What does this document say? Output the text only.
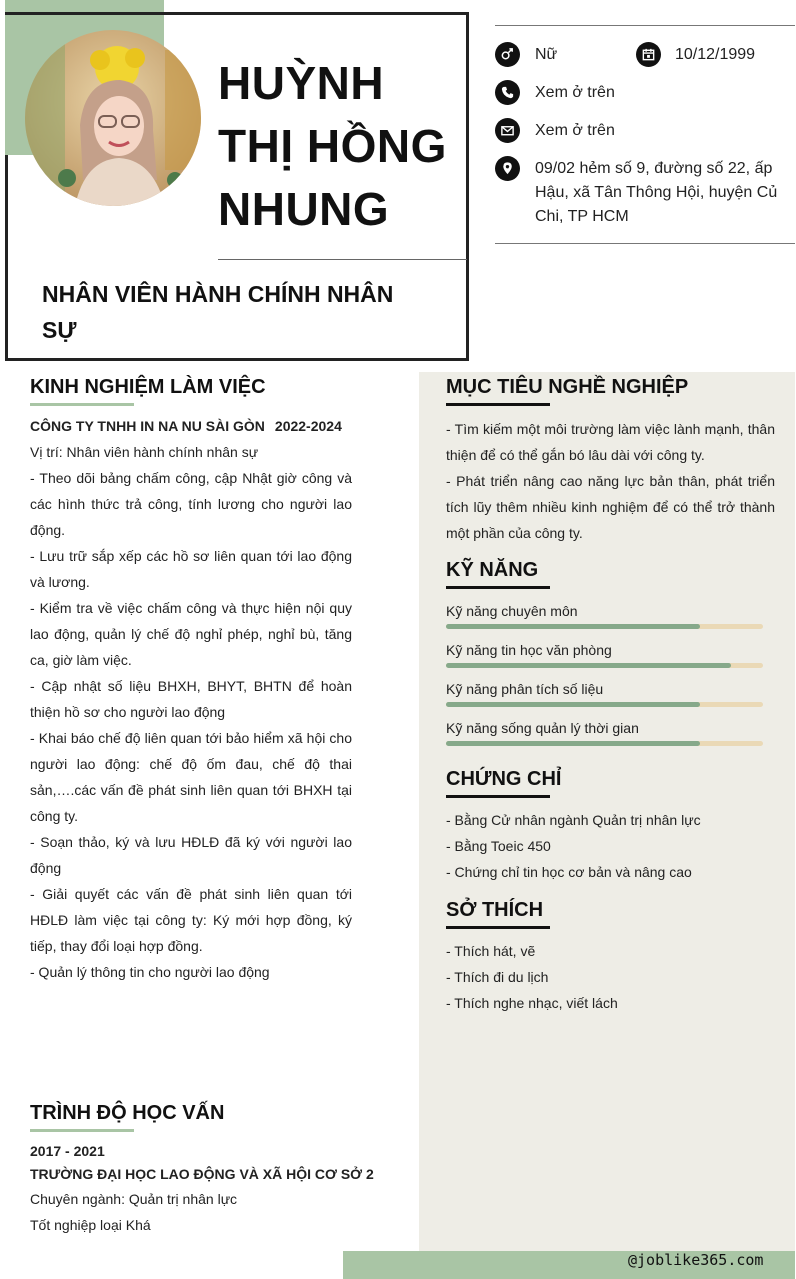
HUỲNH
THỊ HỒNG
NHUNG
NHÂN VIÊN HÀNH CHÍNH NHÂN SỰ
Nữ	10/12/1999
Xem ở trên
Xem ở trên
09/02 hẻm số 9, đường số 22, ấp Hậu, xã Tân Thông Hội, huyện Củ Chi, TP HCM
KINH NGHIỆM LÀM VIỆC
CÔNG TY TNHH IN NA NU SÀI GÒN 2022-2024

Vị trí: Nhân viên hành chính nhân sự

- Theo dõi bảng chấm công, cập Nhật giờ công và các hình thức trả công, tính lương cho người lao động.

- Lưu trữ sắp xếp các hồ sơ liên quan tới lao động và lương.

- Kiểm tra về việc chấm công và thực hiện nội quy lao động, quản lý chế độ nghỉ phép, nghỉ bù, tăng ca, giờ làm việc.

- Cập nhật số liệu BHXH, BHYT, BHTN để hoàn thiện hồ sơ cho người lao động

- Khai báo chế độ liên quan tới bảo hiểm xã hội cho người lao động: chế độ ốm đau, chế độ thai sản,….các vấn đề phát sinh liên quan tới BHXH tại công ty.

- Soạn thảo, ký và lưu HĐLĐ đã ký với người lao động

- Giải quyết các vấn đề phát sinh liên quan tới HĐLĐ làm việc tại công ty: Ký mới hợp đồng, ký tiếp, thay đổi loại hợp đồng.

- Quản lý thông tin cho người lao động

TRÌNH ĐỘ HỌC VẤN
2017 - 2021
TRƯỜNG ĐẠI HỌC LAO ĐỘNG VÀ XÃ HỘI CƠ SỞ 2
Chuyên ngành: Quản trị nhân lực
Tốt nghiệp loại Khá
MỤC TIÊU NGHỀ NGHIỆP

- Tìm kiếm một môi trường làm việc lành mạnh, thân thiện để có thể gắn bó lâu dài với công ty.

- Phát triển nâng cao năng lực bản thân, phát triển tích lũy thêm nhiều kinh nghiệm để có thể trở thành một phần của công ty.

KỸ NĂNG
Kỹ năng chuyên môn
Kỹ năng tin học văn phòng
Kỹ năng phân tích số liệu
Kỹ năng sống quản lý thời gian
CHỨNG CHỈ
- Bằng Cử nhân ngành Quản trị nhân lực
- Bằng Toeic 450
- Chứng chỉ tin học cơ bản và nâng cao
SỞ THÍCH
- Thích hát, vẽ
- Thích đi du lịch
- Thích nghe nhạc, viết lách
@joblike365.com
